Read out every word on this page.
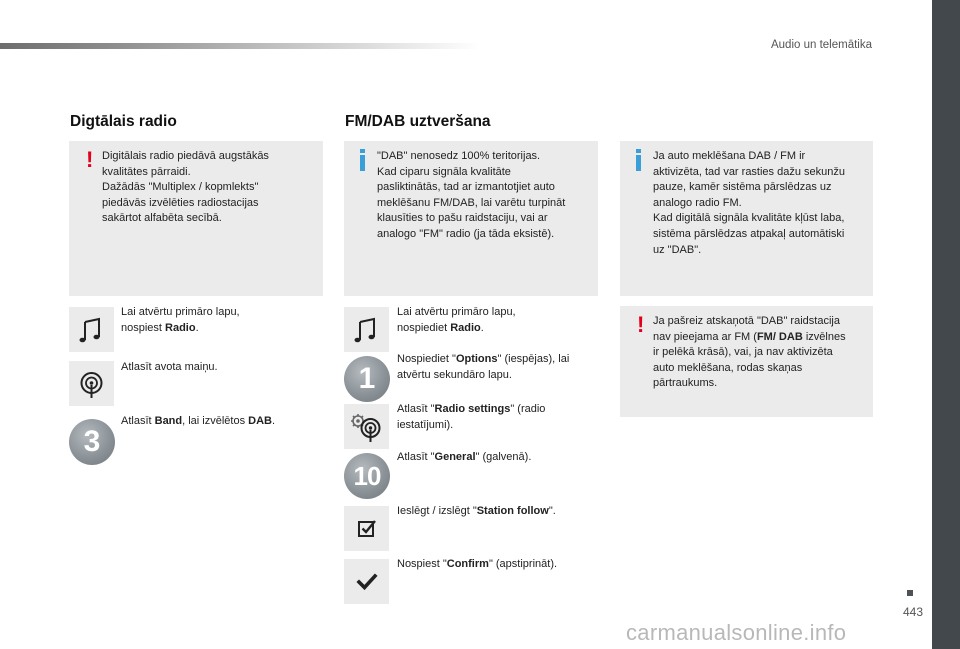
Audio un telemātika
Digtālais radio
! Digitālais radio piedāvā augstākās
kvalitātes pārraidi.
Dažādās "Multiplex / kopmlekts"
piedāvās izvēlēties radiostacijas
sakārtot alfabēta secībā.
Lai atvērtu primāro lapu,
nospiest Radio.
Atlasīt avota maiņu.
3
Atlasīt Band, lai izvēlētos DAB.
FM/DAB uztveršana
"DAB" nenosedz 100% teritorijas.
Kad ciparu signāla kvalitāte
pasliktinātās, tad ar izmantotjiet auto
meklēšanu FM/DAB, lai varētu turpināt
klausīties to pašu raidstaciju, vai ar
analogo "FM" radio (ja tāda eksistē).
Lai atvērtu primāro lapu,
nospiediet Radio.
1
Nospiediet "Options" (iespējas), lai
atvērtu sekundāro lapu.
Atlasīt "Radio settings" (radio
iestatījumi).
10
Atlasīt "General" (galvenā).
Ieslēgt / izslēgt "Station follow".
Nospiest "Confirm" (apstiprināt).
Ja auto meklēšana DAB / FM ir
aktivizēta, tad var rasties dažu sekunžu
pauze, kamēr sistēma pārslēdzas uz
analogo radio FM.
Kad digitālā signāla kvalitāte kļūst laba,
sistēma pārslēdzas atpakaļ automātiski
uz "DAB".
! Ja pašreiz atskaņotā "DAB" raidstacija
nav pieejama ar FM (FM/ DAB izvēlnes
ir pelēkā krāsā), vai, ja nav aktivizēta
auto meklēšana, rodas skaņas
pārtraukums.
443
carmanualsonline.info
